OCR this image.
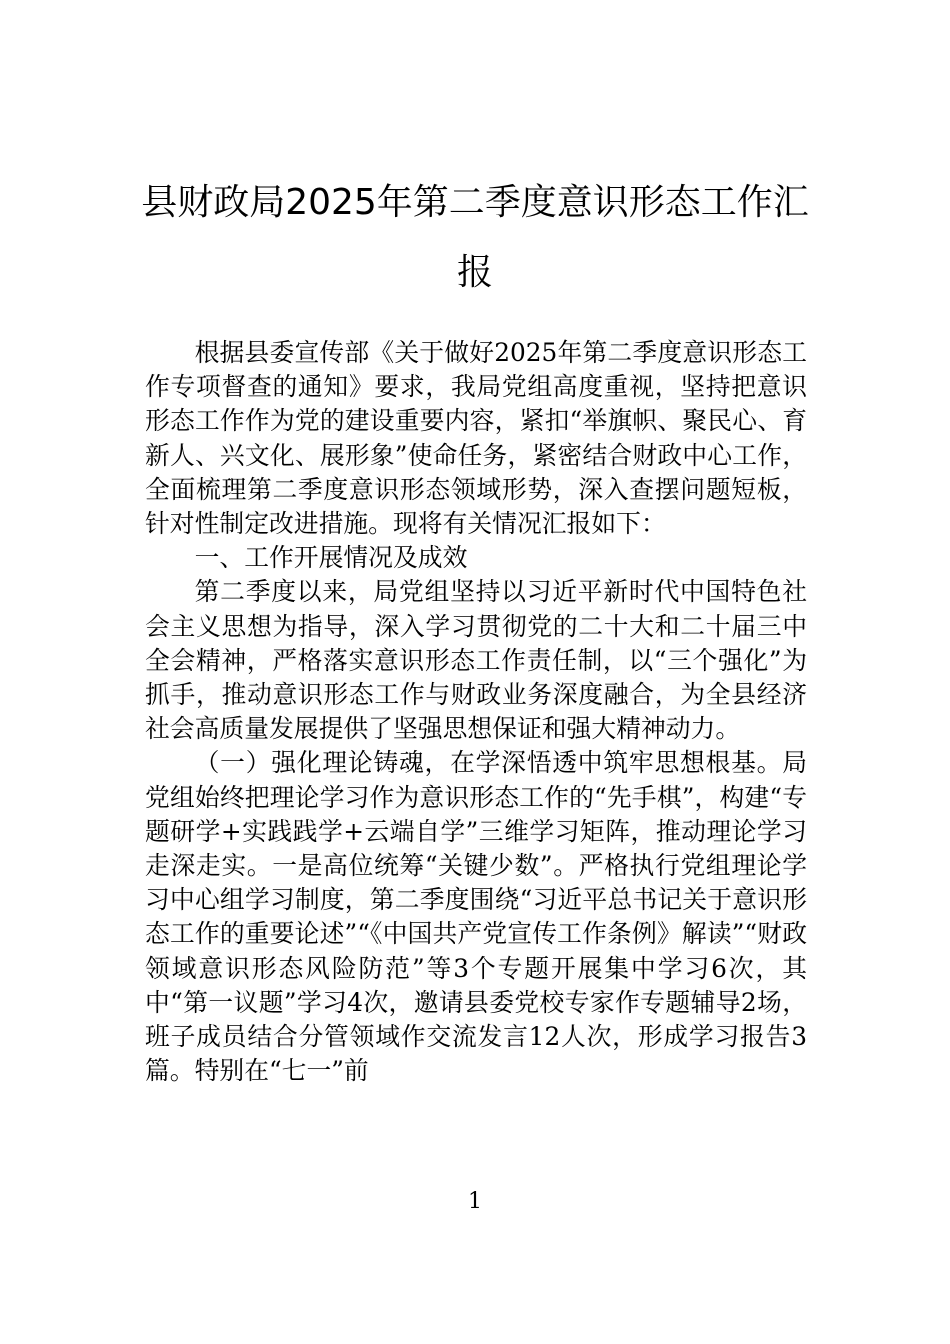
县财政局2025年第二季度意识形态工作汇报

根据县委宣传部《关于做好2025年第二季度意识形态工作专项督查的通知》要求，我局党组高度重视，坚持把意识形态工作作为党的建设重要内容，紧扣“举旗帜、聚民心、育新人、兴文化、展形象”使命任务，紧密结合财政中心工作，全面梳理第二季度意识形态领域形势，深入查摆问题短板，针对性制定改进措施。现将有关情况汇报如下：

一、工作开展情况及成效

第二季度以来，局党组坚持以习近平新时代中国特色社会主义思想为指导，深入学习贯彻党的二十大和二十届三中全会精神，严格落实意识形态工作责任制，以“三个强化”为抓手，推动意识形态工作与财政业务深度融合，为全县经济社会高质量发展提供了坚强思想保证和强大精神动力。

（一）强化理论铸魂，在学深悟透中筑牢思想根基。局党组始终把理论学习作为意识形态工作的“先手棋”，构建“专题研学+实践践学+云端自学”三维学习矩阵，推动理论学习走深走实。一是高位统筹“关键少数”。严格执行党组理论学习中心组学习制度，第二季度围绕“习近平总书记关于意识形态工作的重要论述”“《中国共产党宣传工作条例》解读”“财政领域意识形态风险防范”等3个专题开展集中学习6次，其中“第一议题”学习4次，邀请县委党校专家作专题辅导2场，班子成员结合分管领域作交流发言12人次，形成学习报告3篇。特别在“七一”前

1
